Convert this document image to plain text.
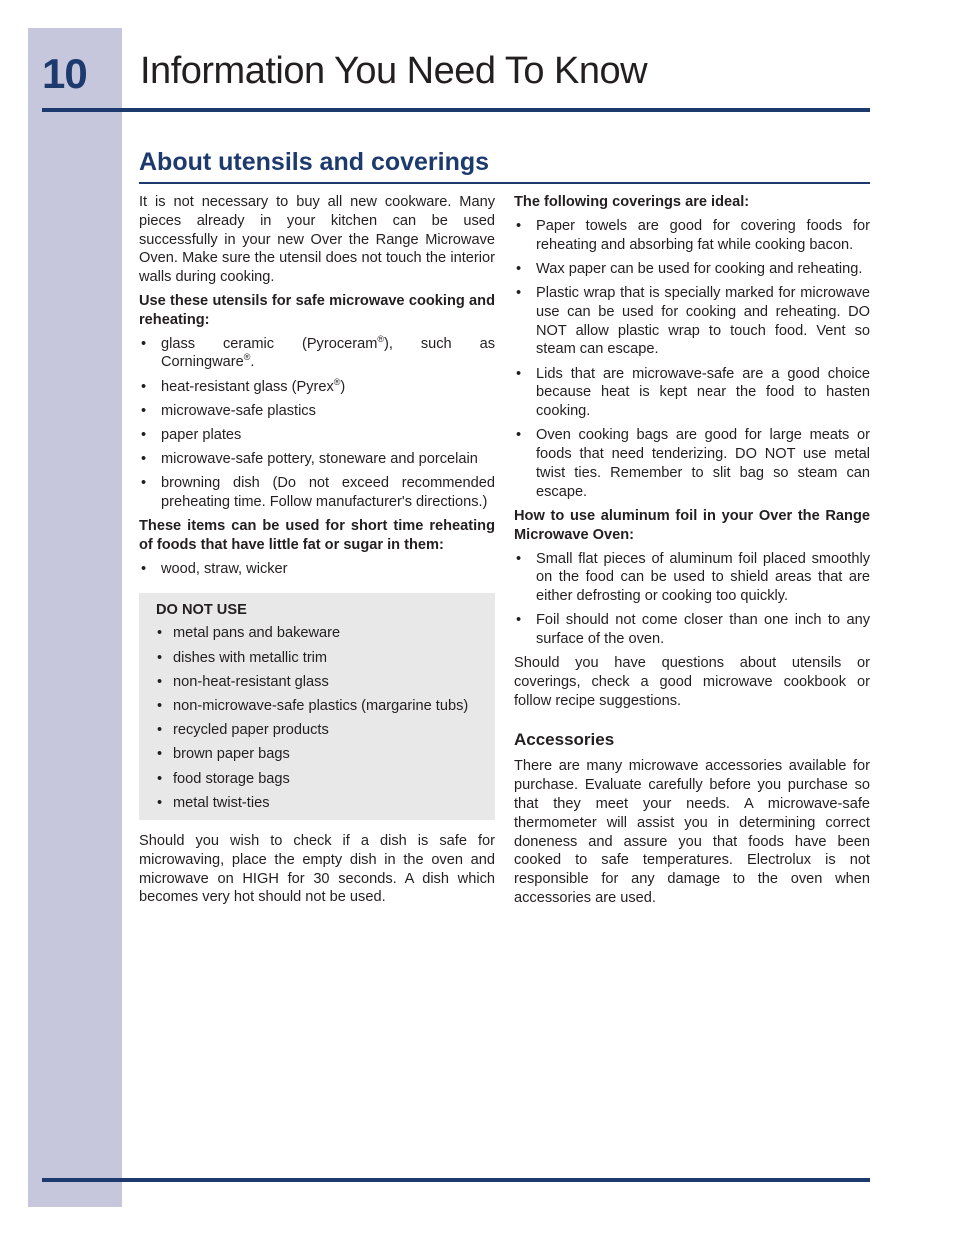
10	Information You Need To Know
About utensils and coverings

It is not necessary to buy all new cookware. Many pieces already in your kitchen can be used successfully in your new Over the Range Microwave Oven. Make sure the utensil does not touch the interior walls during cooking.

Use these utensils for safe microwave cooking and reheating:

• glass ceramic (Pyroceram®), such as Corningware®.
• heat-resistant glass (Pyrex®)
• microwave-safe plastics
• paper plates
• microwave-safe pottery, stoneware and porcelain
• browning dish (Do not exceed recommended preheating time. Follow manufacturer's directions.)

These items can be used for short time reheating of foods that have little fat or sugar in them:

• wood, straw, wicker
DO NOT USE
• metal pans and bakeware
• dishes with metallic trim
• non-heat-resistant glass
• non-microwave-safe plastics (margarine tubs)
• recycled paper products
• brown paper bags
• food storage bags
• metal twist-ties

Should you wish to check if a dish is safe for microwaving, place the empty dish in the oven and microwave on HIGH for 30 seconds. A dish which becomes very hot should not be used.

The following coverings are ideal:

• Paper towels are good for covering foods for reheating and absorbing fat while cooking bacon.
• Wax paper can be used for cooking and reheating.
• Plastic wrap that is specially marked for microwave use can be used for cooking and reheating. DO NOT allow plastic wrap to touch food. Vent so steam can escape.
• Lids that are microwave-safe are a good choice because heat is kept near the food to hasten cooking.
• Oven cooking bags are good for large meats or foods that need tenderizing. DO NOT use metal twist ties. Remember to slit bag so steam can escape.

How to use aluminum foil in your Over the Range Microwave Oven:

• Small flat pieces of aluminum foil placed smoothly on the food can be used to shield areas that are either defrosting or cooking too quickly.
• Foil should not come closer than one inch to any surface of the oven.

Should you have questions about utensils or coverings, check a good microwave cookbook or follow recipe suggestions.

Accessories

There are many microwave accessories available for purchase. Evaluate carefully before you purchase so that they meet your needs. A microwave-safe thermometer will assist you in determining correct doneness and assure you that foods have been cooked to safe temperatures. Electrolux is not responsible for any damage to the oven when accessories are used.
